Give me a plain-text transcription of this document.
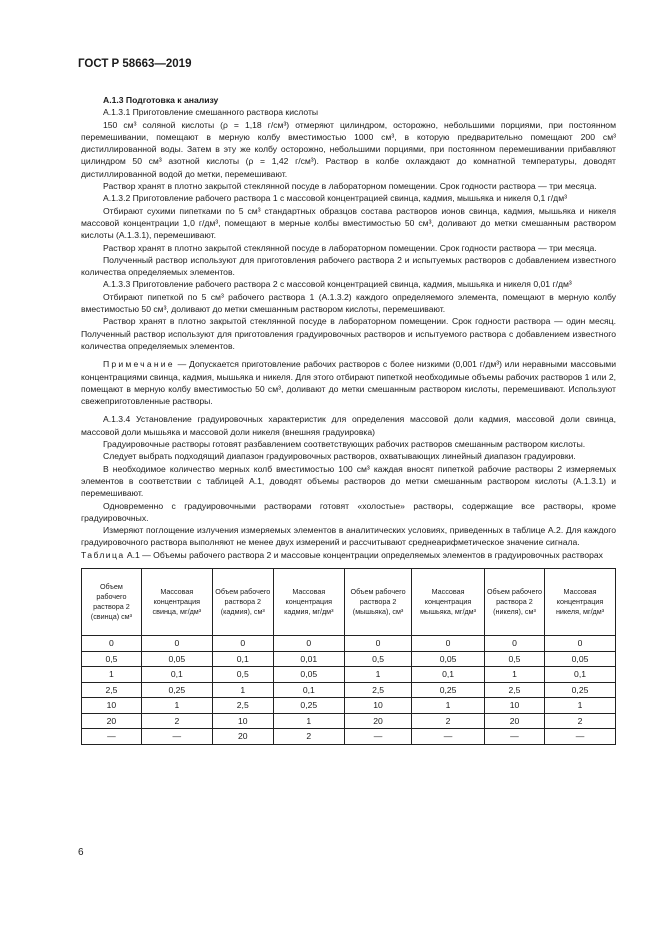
ГОСТ Р 58663—2019

A.1.3 Подготовка к анализу

А.1.3.1 Приготовление смешанного раствора кислоты

150 см³ соляной кислоты (ρ = 1,18 г/см³) отмеряют цилиндром, осторожно, небольшими порциями, при постоянном перемешивании, помещают в мерную колбу вместимостью 1000 см³, в которую предварительно помещают 200 см³ дистиллированной воды. Затем в эту же колбу осторожно, небольшими порциями, при постоянном перемешивании прибавляют цилиндром 50 см³ азотной кислоты (ρ = 1,42 г/см³). Раствор в колбе охлаждают до комнатной температуры, доводят дистиллированной водой до метки, перемешивают.

Раствор хранят в плотно закрытой стеклянной посуде в лабораторном помещении. Срок годности раствора — три месяца.

А.1.3.2 Приготовление рабочего раствора 1 с массовой концентрацией свинца, кадмия, мышьяка и никеля 0,1 г/дм³

Отбирают сухими пипетками по 5 см³ стандартных образцов состава растворов ионов свинца, кадмия, мышьяка и никеля массовой концентрации 1,0 г/дм³, помещают в мерные колбы вместимостью 50 см³, доливают до метки смешанным раствором кислоты (А.1.3.1), перемешивают.

Раствор хранят в плотно закрытой стеклянной посуде в лабораторном помещении. Срок годности раствора — три месяца.

Полученный раствор используют для приготовления рабочего раствора 2 и испытуемых растворов с добавлением известного количества определяемых элементов.

А.1.3.3 Приготовление рабочего раствора 2 с массовой концентрацией свинца, кадмия, мышьяка и никеля 0,01 г/дм³

Отбирают пипеткой по 5 см³ рабочего раствора 1 (А.1.3.2) каждого определяемого элемента, помещают в мерную колбу вместимостью 50 см³, доливают до метки смешанным раствором кислоты, перемешивают.

Раствор хранят в плотно закрытой стеклянной посуде в лабораторном помещении. Срок годности раствора — один месяц. Полученный раствор используют для приготовления градуировочных растворов и испытуемого раствора с добавлением известного количества определяемых элементов.

Примечание — Допускается приготовление рабочих растворов с более низкими (0,001 г/дм³) или неравными массовыми концентрациями свинца, кадмия, мышьяка и никеля. Для этого отбирают пипеткой необходимые объемы рабочих растворов 1 или 2, помещают в мерную колбу вместимостью 50 см³, доливают до метки смешанным раствором кислоты, перемешивают. Используют свежеприготовленные растворы.

А.1.3.4 Установление градуировочных характеристик для определения массовой доли кадмия, массовой доли свинца, массовой доли мышьяка и массовой доли никеля (внешняя градуировка)

Градуировочные растворы готовят разбавлением соответствующих рабочих растворов смешанным раствором кислоты.

Следует выбрать подходящий диапазон градуировочных растворов, охватывающих линейный диапазон градуировки.

В необходимое количество мерных колб вместимостью 100 см³ каждая вносят пипеткой рабочие растворы 2 измеряемых элементов в соответствии с таблицей А.1, доводят объемы растворов до метки смешанным раствором кислоты (А.1.3.1) и перемешивают.

Одновременно с градуировочными растворами готовят «холостые» растворы, содержащие все растворы, кроме градуировочных.

Измеряют поглощение излучения измеряемых элементов в аналитических условиях, приведенных в таблице А.2. Для каждого градуировочного раствора выполняют не менее двух измерений и рассчитывают среднеарифметическое значение сигнала.

Таблица А.1 — Объемы рабочего раствора 2 и массовые концентрации определяемых элементов в градуировочных растворах

Объем рабочего раствора 2 (свинца) см³	Массовая концентрация свинца, мг/дм³	Объем рабочего раствора 2 (кадмия), см³	Массовая концентрация кадмия, мг/дм³	Объем рабочего раствора 2 (мышьяка), см³	Массовая концентрация мышьяка, мг/дм³	Объем рабочего раствора 2 (никеля), см³	Массовая концентрация никеля, мг/дм³
0	0	0	0	0	0	0	0
0,5	0,05	0,1	0,01	0,5	0,05	0,5	0,05
1	0,1	0,5	0,05	1	0,1	1	0,1
2,5	0,25	1	0,1	2,5	0,25	2,5	0,25
10	1	2,5	0,25	10	1	10	1
20	2	10	1	20	2	20	2
—	—	20	2	—	—	—	—
6
